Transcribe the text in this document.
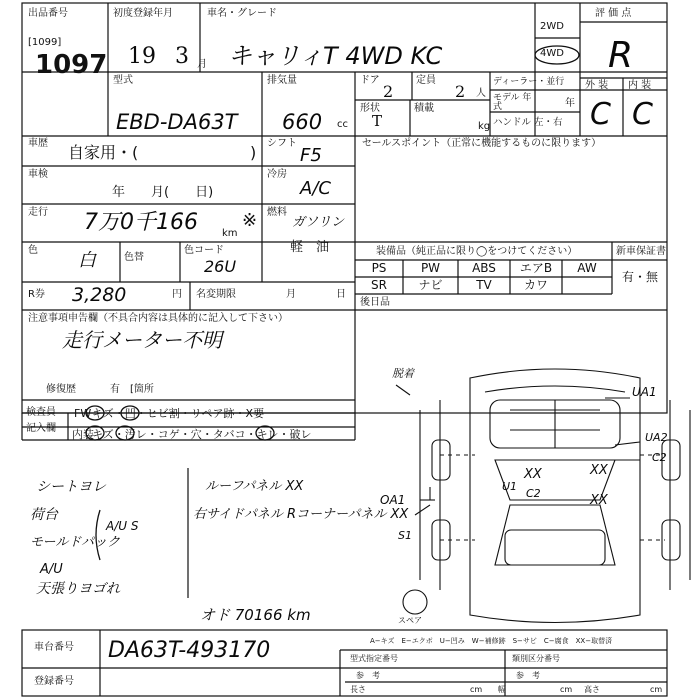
出品番号
[1099]
1097
初度登録年月
19 3 月
車名・グレード
キャリィT 4WD KC
2WD
4WD
評 価 点
R
型式
EBD-DA63T
排気量
660 cc
ドア
2
定員
2 人
形状
T
積載
kg
ディーラー・並行
モデル 年式	年
ハンドル 左・右
外 装 内 装
C C
車歴 自家用・(	) シフト
F5
セールスポイント（正常に機能するものに限ります）
車検
年　　月(　　日)
冷房
A/C
走行 7万0千166 km
※ 燃料
ガソリン
軽　油
色 白	色替
色コード
26U
R券 3,280	円 名変期限	月	日
装備品（純正品に限り◯をつけてください）	新車保証書
有・無
PS	PW	ABS	エアB	AW
SR	ナビ	TV	カワ
後日品
注意事項申告欄（不具合内容は具体的に記入して下さい）
走行メーター不明
修復歴	有　[箇所
検査員
記入欄
FW キズ・凹・ヒビ割・リペア跡・X要
内装
キズ・汚レ・コゲ・穴・タバコ・キレ・破レ
シートヨレ
荷台
モールドパック
A/U
天張りヨゴれ
A/U S
ルーフパネル XX
右サイドパネル Rコーナーパネル XX
オド 70166 km
脱着
UA1
UA2
C2
U1
XX
C2
XX
XX
OA1
S1
スペア
車台番号 DA63T-493170
登録番号
A−キズ　E−エクボ　U−凹み　W−補修跡　S−サビ　C−腐食　XX−取替済
型式指定番号	類別区分番号
参　考	参　考
長さ	cm 幅	cm 高さ	cm
